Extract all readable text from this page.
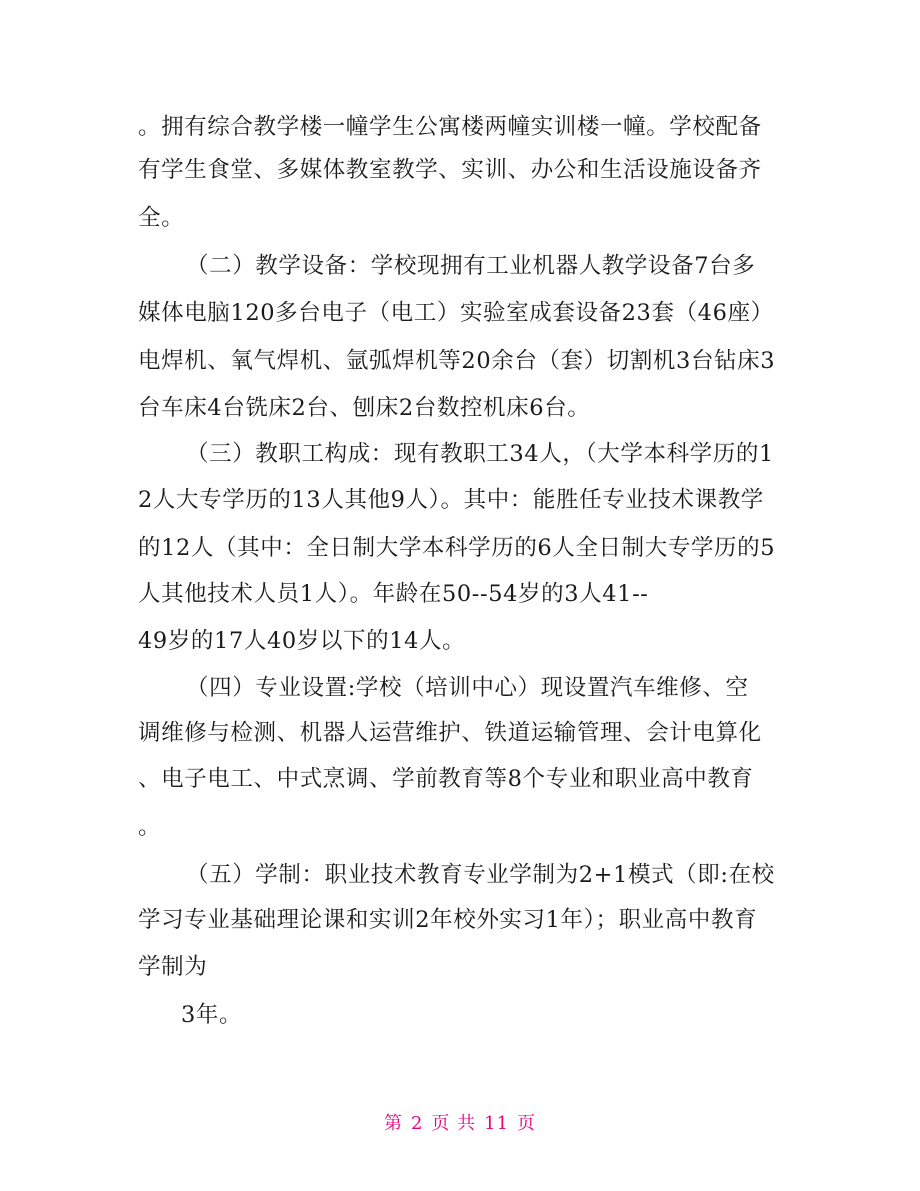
。拥有综合教学楼一幢学生公寓楼两幢实训楼一幢。学校配备
有学生食堂、多媒体教室教学、实训、办公和生活设施设备齐
全。
（二）教学设备：学校现拥有工业机器人教学设备7台多
媒体电脑120多台电子（电工）实验室成套设备23套（46座）
电焊机、氧气焊机、氩弧焊机等20余台（套）切割机3台钻床3
台车床4台铣床2台、刨床2台数控机床6台。
（三）教职工构成：现有教职工34人，（大学本科学历的1
2人大专学历的13人其他9人）。其中：能胜任专业技术课教学
的12人（其中：全日制大学本科学历的6人全日制大专学历的5
人其他技术人员1人）。年龄在50--54岁的3人41--
49岁的17人40岁以下的14人。
（四）专业设置:学校（培训中心）现设置汽车维修、空
调维修与检测、机器人运营维护、铁道运输管理、会计电算化
、电子电工、中式烹调、学前教育等8个专业和职业高中教育
。
（五）学制：职业技术教育专业学制为2+1模式（即:在校
学习专业基础理论课和实训2年校外实习1年）；职业高中教育
学制为
3年。
第 2 页 共 11 页
